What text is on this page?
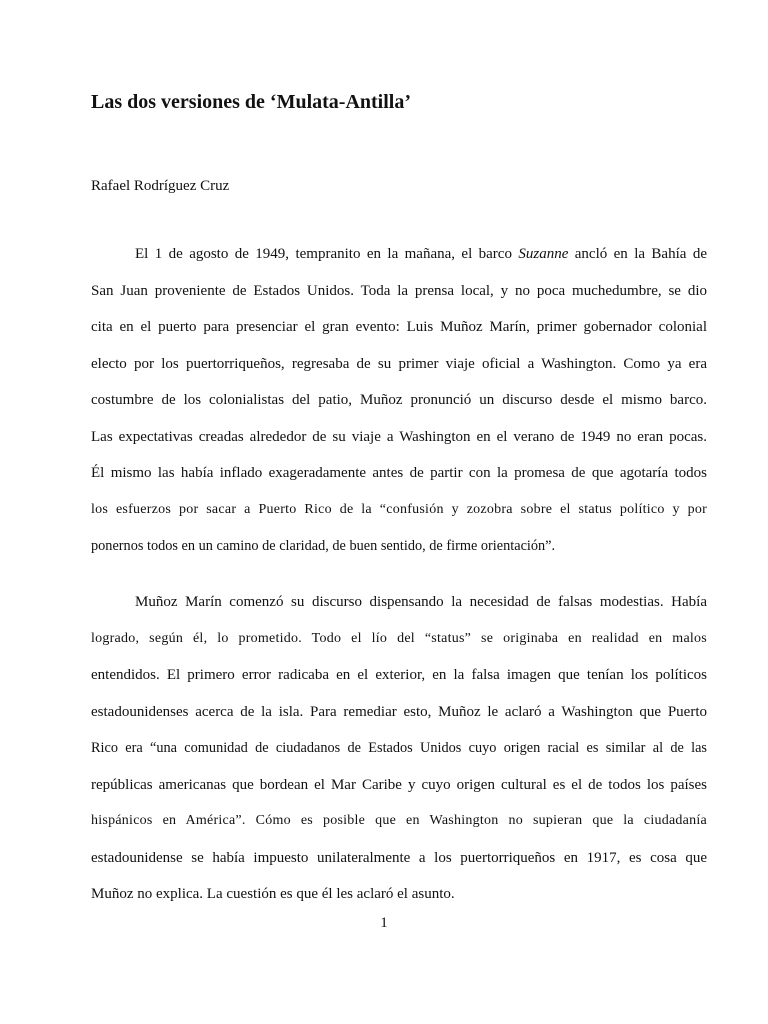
Las dos versiones de ‘Mulata-Antilla’

Rafael Rodríguez Cruz

El 1 de agosto de 1949, tempranito en la mañana, el barco Suzanne ancló en la Bahía de
San Juan proveniente de Estados Unidos. Toda la prensa local, y no poca muchedumbre, se dio
cita en el puerto para presenciar el gran evento: Luis Muñoz Marín, primer gobernador colonial
electo por los puertorriqueños, regresaba de su primer viaje oficial a Washington. Como ya era
costumbre de los colonialistas del patio, Muñoz pronunció un discurso desde el mismo barco.
Las expectativas creadas alrededor de su viaje a Washington en el verano de 1949 no eran pocas.
Él mismo las había inflado exageradamente antes de partir con la promesa de que agotaría todos
los esfuerzos por sacar a Puerto Rico de la “confusión y zozobra sobre el status político y por
ponernos todos en un camino de claridad, de buen sentido, de firme orientación”.
Muñoz Marín comenzó su discurso dispensando la necesidad de falsas modestias. Había
logrado, según él, lo prometido. Todo el lío del “status” se originaba en realidad en malos
entendidos. El primero error radicaba en el exterior, en la falsa imagen que tenían los políticos
estadounidenses acerca de la isla. Para remediar esto, Muñoz le aclaró a Washington que Puerto
Rico era “una comunidad de ciudadanos de Estados Unidos cuyo origen racial es similar al de las
repúblicas americanas que bordean el Mar Caribe y cuyo origen cultural es el de todos los países
hispánicos en América”. Cómo es posible que en Washington no supieran que la ciudadanía
estadounidense se había impuesto unilateralmente a los puertorriqueños en 1917, es cosa que
Muñoz no explica. La cuestión es que él les aclaró el asunto.
1
